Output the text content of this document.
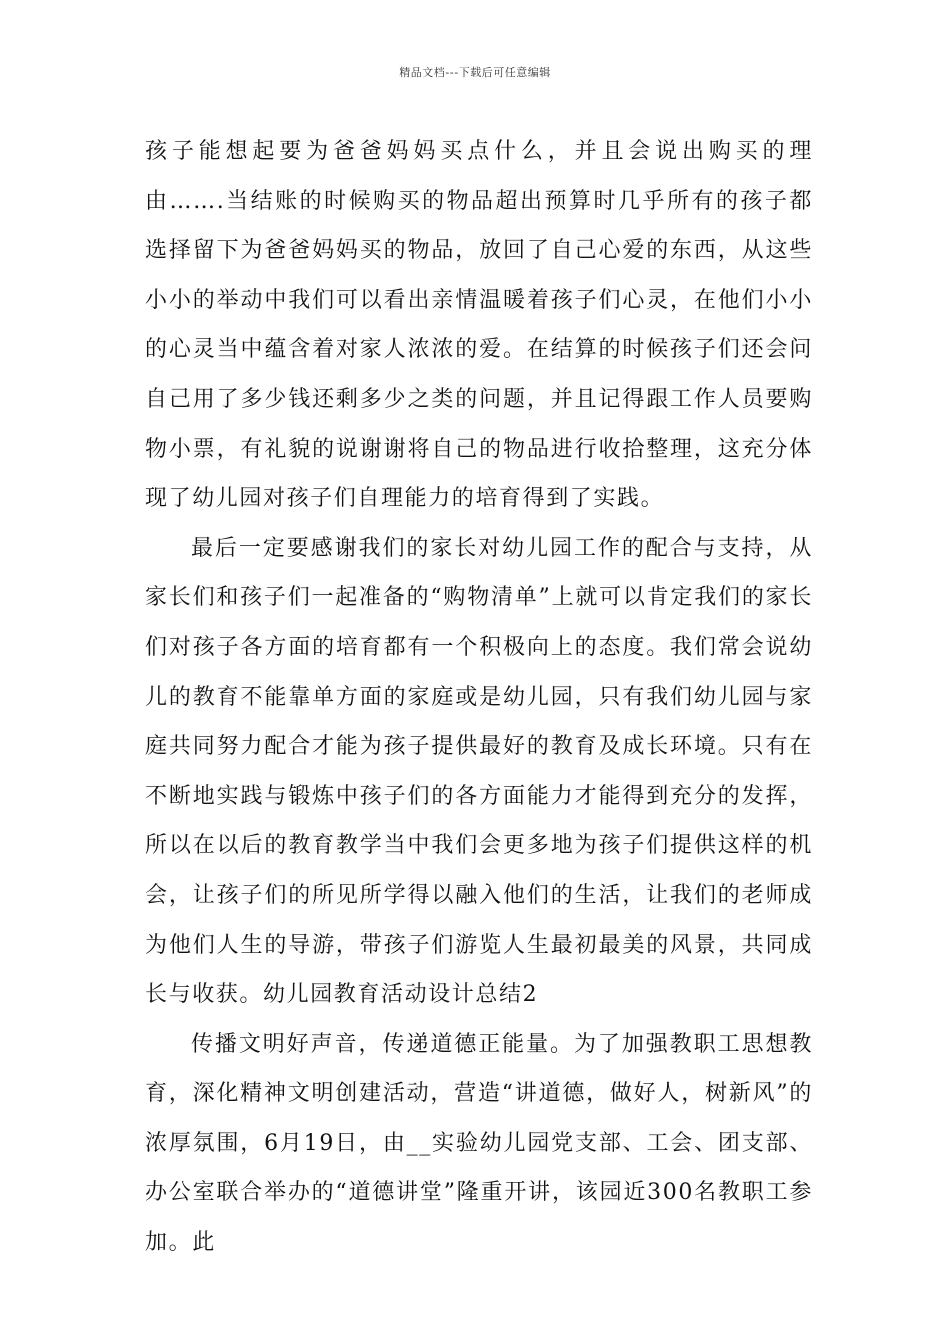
精品文档---下载后可任意编辑

孩子能想起要为爸爸妈妈买点什么，并且会说出购买的理由…….当结账的时候购买的物品超出预算时几乎所有的孩子都选择留下为爸爸妈妈买的物品，放回了自己心爱的东西，从这些小小的举动中我们可以看出亲情温暖着孩子们心灵，在他们小小的心灵当中蕴含着对家人浓浓的爱。在结算的时候孩子们还会问自己用了多少钱还剩多少之类的问题，并且记得跟工作人员要购物小票，有礼貌的说谢谢将自己的物品进行收拾整理，这充分体现了幼儿园对孩子们自理能力的培育得到了实践。

最后一定要感谢我们的家长对幼儿园工作的配合与支持，从家长们和孩子们一起准备的“购物清单”上就可以肯定我们的家长们对孩子各方面的培育都有一个积极向上的态度。我们常会说幼儿的教育不能靠单方面的家庭或是幼儿园，只有我们幼儿园与家庭共同努力配合才能为孩子提供最好的教育及成长环境。只有在不断地实践与锻炼中孩子们的各方面能力才能得到充分的发挥，所以在以后的教育教学当中我们会更多地为孩子们提供这样的机会，让孩子们的所见所学得以融入他们的生活，让我们的老师成为他们人生的导游，带孩子们游览人生最初最美的风景，共同成长与收获。幼儿园教育活动设计总结2

传播文明好声音，传递道德正能量。为了加强教职工思想教育，深化精神文明创建活动，营造“讲道德，做好人，树新风”的浓厚氛围，6月19日，由__实验幼儿园党支部、工会、团支部、办公室联合举办的“道德讲堂”隆重开讲，该园近300名教职工参加。此
